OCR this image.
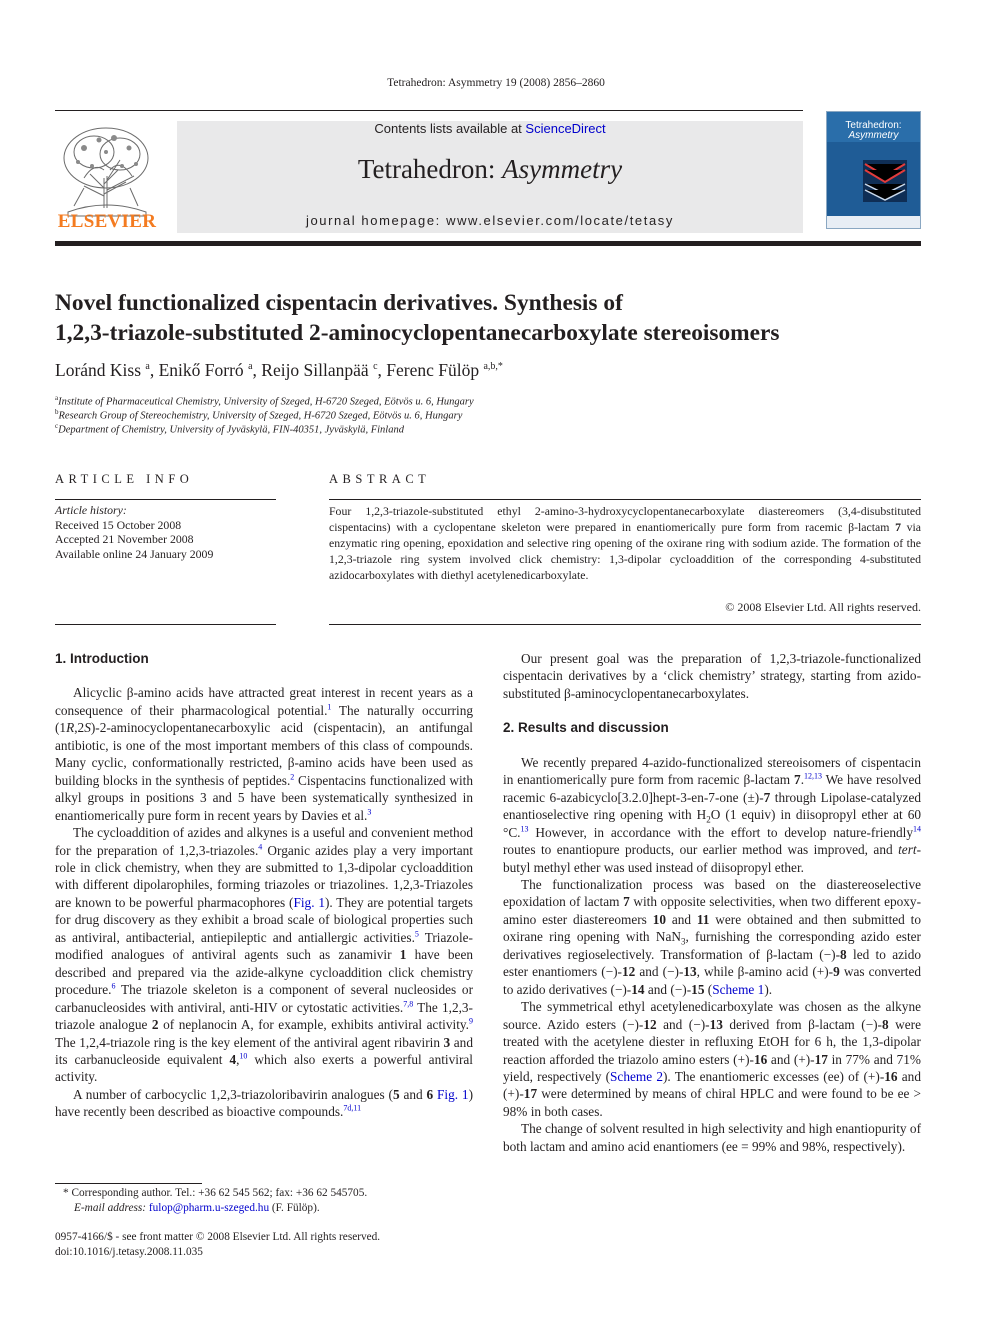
Tetrahedron: Asymmetry 19 (2008) 2856–2860
ELSEVIER
Contents lists available at ScienceDirect
Tetrahedron: Asymmetry
journal homepage: www.elsevier.com/locate/tetasy
Tetrahedron:
Asymmetry
Novel functionalized cispentacin derivatives. Synthesis of
1,2,3-triazole-substituted 2-aminocyclopentanecarboxylate stereoisomers
Loránd Kiss $^a$, Enikő Forró $^a$, Reijo Sillanpää $^c$, Ferenc Fülöp $^{a,b,*}$
$^a$Institute of Pharmaceutical Chemistry, University of Szeged, H-6720 Szeged, Eötvös u. 6, Hungary
$^b$Research Group of Stereochemistry, University of Szeged, H-6720 Szeged, Eötvös u. 6, Hungary
$^c$Department of Chemistry, University of Jyväskylä, FIN-40351, Jyväskylä, Finland
ARTICLE INFO	ABSTRACT
Article history:
Received 15 October 2008
Accepted 21 November 2008
Available online 24 January 2009
Four 1,2,3-triazole-substituted ethyl 2-amino-3-hydroxycyclopentanecarboxylate diastereomers (3,4-disubstituted cispentacins) with a cyclopentane skeleton were prepared in enantiomerically pure form from racemic β-lactam 7 via enzymatic ring opening, epoxidation and selective ring opening of the oxirane ring with sodium azide. The formation of the 1,2,3-triazole ring system involved click chemistry: 1,3-dipolar cycloaddition of the corresponding 4-substituted azidocarboxylates with diethyl acetylenedicarboxylate.
© 2008 Elsevier Ltd. All rights reserved.

1. Introduction

Alicyclic β-amino acids have attracted great interest in recent years as a consequence of their pharmacological potential.$^1$ The naturally occurring (1R,2S)-2-aminocyclopentanecarboxylic acid (cispentacin), an antifungal antibiotic, is one of the most important members of this class of compounds. Many cyclic, conformationally restricted, β-amino acids have been used as building blocks in the synthesis of peptides.$^2$ Cispentacins functionalized with alkyl groups in positions 3 and 5 have been systematically synthesized in enantiomerically pure form in recent years by Davies et al.$^3$

The cycloaddition of azides and alkynes is a useful and convenient method for the preparation of 1,2,3-triazoles.$^4$ Organic azides play a very important role in click chemistry, when they are submitted to 1,3-dipolar cycloaddition with different dipolarophiles, forming triazoles or triazolines. 1,2,3-Triazoles are known to be powerful pharmacophores (Fig. 1). They are potential targets for drug discovery as they exhibit a broad scale of biological properties such as antiviral, antibacterial, antiepileptic and antiallergic activities.$^5$ Triazole-modified analogues of antiviral agents such as zanamivir 1 have been described and prepared via the azide-alkyne cycloaddition click chemistry procedure.$^6$ The triazole skeleton is a component of several nucleosides or carbanucleosides with antiviral, anti-HIV or cytostatic activities.$^{7,8}$ The 1,2,3-triazole analogue 2 of neplanocin A, for example, exhibits antiviral activity.$^9$ The 1,2,4-triazole ring is the key element of the antiviral agent ribavirin 3 and its carbanucleoside equivalent 4,10 which also exerts a powerful antiviral activity.

A number of carbocyclic 1,2,3-triazoloribavirin analogues (5 and 6 Fig. 1) have recently been described as bioactive compounds.$^{7d,11}$

Our present goal was the preparation of 1,2,3-triazole-functionalized cispentacin derivatives by a ‘click chemistry’ strategy, starting from azido-substituted β-aminocyclopentanecarboxylates.

2. Results and discussion

We recently prepared 4-azido-functionalized stereoisomers of cispentacin in enantiomerically pure form from racemic β-lactam 7.$^{12,13}$ We have resolved racemic 6-azabicyclo[3.2.0]hept-3-en-7-one (±)-7 through Lipolase-catalyzed enantioselective ring opening with $H_2O$ (1 equiv) in diisopropyl ether at 60 °C.$^{13}$ However, in accordance with the effort to develop nature-friendly$^{14}$ routes to enantiopure products, our earlier method was improved, and tert-butyl methyl ether was used instead of diisopropyl ether.

The functionalization process was based on the diastereoselective epoxidation of lactam 7 with opposite selectivities, when two different epoxy-amino ester diastereomers 10 and 11 were obtained and then submitted to oxirane ring opening with NaN$_3$, furnishing the corresponding azido ester derivatives regioselectively. Transformation of β-lactam (−)-8 led to azido ester enantiomers (−)-12 and (−)-13, while β-amino acid (+)-9 was converted to azido derivatives (−)-14 and (−)-15 (Scheme 1).

The symmetrical ethyl acetylenedicarboxylate was chosen as the alkyne source. Azido esters (−)-12 and (−)-13 derived from β-lactam (−)-8 were treated with the acetylene diester in refluxing EtOH for 6 h, the 1,3-dipolar reaction afforded the triazolo amino esters (+)-16 and (+)-17 in 77% and 71% yield, respectively (Scheme 2). The enantiomeric excesses (ee) of (+)-16 and (+)-17 were determined by means of chiral HPLC and were found to be ee > 98% in both cases.

The change of solvent resulted in high selectivity and high enantiopurity of both lactam and amino acid enantiomers (ee = 99% and 98%, respectively).

* Corresponding author. Tel.: +36 62 545 562; fax: +36 62 545705.
E-mail address: fulop@pharm.u-szeged.hu (F. Fülöp).
0957-4166/$ - see front matter © 2008 Elsevier Ltd. All rights reserved.
doi:10.1016/j.tetasy.2008.11.035
